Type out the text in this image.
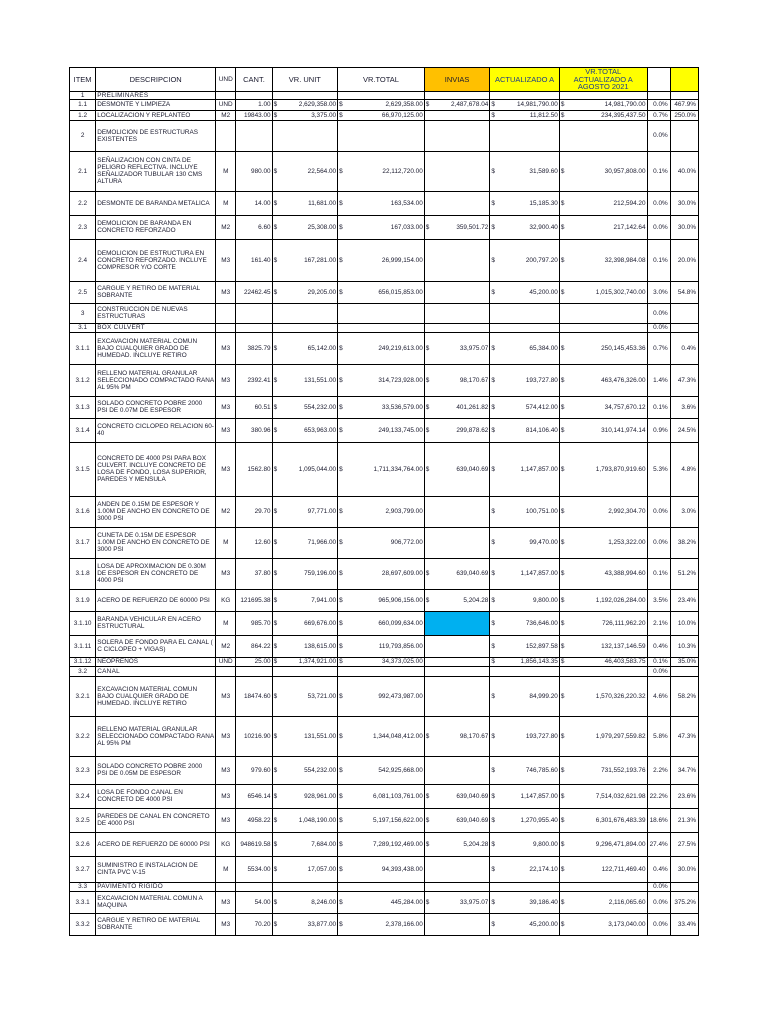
ITEM	DESCRIPCION	UND	CANT.	VR. UNIT	VR.TOTAL	INVIAS	ACTUALIZADO A	VR.TOTAL ACTUALIZADO A AGOSTO 2021		
1	PRELIMINARES									
1.1	DESMONTE Y LIMPIEZA	UND	1.00	$ 2,629,358.00	$ 2,629,358.00	$ 2,487,678.04	$ 14,981,790.00	$ 14,981,790.00	0.0%	467.9%
1.2	LOCALIZACION Y REPLANTEO	M2	19843.00	$ 3,375.00	$ 66,970,125.00		$ 11,812.50	$ 234,395,437.50	0.7%	250.0%
2	DEMOLICION DE ESTRUCTURAS EXISTENTES								0.0%	
2.1	SEÑALIZACION CON CINTA DE PELIGRO REFLECTIVA. INCLUYE SEÑALIZADOR TUBULAR 130 CMS ALTURA	M	980.00	$ 22,564.00	$ 22,112,720.00		$ 31,589.60	$ 30,957,808.00	0.1%	40.0%
2.2	DESMONTE DE BARANDA METALICA	M	14.00	$ 11,681.00	$ 163,534.00		$ 15,185.30	$ 212,594.20	0.0%	30.0%
2.3	DEMOLICION DE BARANDA EN CONCRETO REFORZADO	M2	6.60	$ 25,308.00	$ 167,033.00	$ 359,501.72	$ 32,900.40	$ 217,142.64	0.0%	30.0%
2.4	DEMOLICION DE ESTRUCTURA EN CONCRETO REFORZADO. INCLUYE COMPRESOR Y/O CORTE	M3	161.40	$ 167,281.00	$ 26,999,154.00		$ 200,797.20	$ 32,398,984.08	0.1%	20.0%
2.5	CARGUE Y RETIRO DE MATERIAL SOBRANTE	M3	22462.45	$ 29,205.00	$ 656,015,853.00		$ 45,200.00	$ 1,015,302,740.00	3.0%	54.8%
3	CONSTRUCCION DE NUEVAS ESTRUCTURAS								0.0%	
3.1	BOX CULVERT								0.0%	
3.1.1	EXCAVACION MATERIAL COMUN BAJO CUALQUIER GRADO DE HUMEDAD. INCLUYE RETIRO	M3	3825.79	$ 65,142.00	$ 249,219,613.00	$ 33,975.07	$ 65,384.00	$ 250,145,453.36	0.7%	0.4%
3.1.2	RELLENO MATERIAL GRANULAR SELECCIONADO COMPACTADO RANA AL 95% PM	M3	2392.41	$ 131,551.00	$ 314,723,928.00	$ 98,170.67	$ 193,727.80	$ 463,476,326.00	1.4%	47.3%
3.1.3	SOLADO CONCRETO POBRE 2000 PSI DE 0.07M DE ESPESOR	M3	60.51	$ 554,232.00	$ 33,536,579.00	$ 401,261.82	$ 574,412.00	$ 34,757,670.12	0.1%	3.6%
3.1.4	CONCRETO CICLOPEO RELACION 60-40	M3	380.96	$ 653,963.00	$ 249,133,745.00	$ 299,878.62	$ 814,106.40	$ 310,141,974.14	0.9%	24.5%
3.1.5	CONCRETO DE 4000 PSI PARA BOX CULVERT. INCLUYE CONCRETO DE LOSA DE FONDO, LOSA SUPERIOR, PAREDES Y MENSULA	M3	1562.80	$ 1,095,044.00	$ 1,711,334,764.00	$ 639,040.69	$ 1,147,857.00	$ 1,793,870,919.60	5.3%	4.8%
3.1.6	ANDEN DE 0.15M DE ESPESOR Y 1.00M DE ANCHO EN CONCRETO DE 3000 PSI	M2	29.70	$ 97,771.00	$ 2,903,799.00		$ 100,751.00	$ 2,992,304.70	0.0%	3.0%
3.1.7	CUNETA DE 0.15M DE ESPESOR 1.00M DE ANCHO EN CONCRETO DE 3000 PSI	M	12.60	$ 71,966.00	$ 906,772.00		$ 99,470.00	$ 1,253,322.00	0.0%	38.2%
3.1.8	LOSA DE APROXIMACION DE 0.30M DE ESPESOR EN CONCRETO DE 4000 PSI	M3	37.80	$ 759,196.00	$ 28,697,609.00	$ 639,040.69	$ 1,147,857.00	$ 43,388,994.60	0.1%	51.2%
3.1.9	ACERO DE REFUERZO DE 60000 PSI	KG	121695.38	$ 7,941.00	$ 965,906,156.00	$ 5,204.28	$ 9,800.00	$ 1,192,026,284.00	3.5%	23.4%
3.1.10	BARANDA VEHICULAR EN ACERO ESTRUCTURAL	M	985.70	$ 669,676.00	$ 660,099,634.00		$ 736,646.00	$ 726,111,962.20	2.1%	10.0%
3.1.11	SOLERA DE FONDO PARA EL CANAL ( C CICLOPEO + VIGAS)	M2	864.22	$ 138,615.00	$ 119,793,856.00		$ 152,897.58	$ 132,137,146.59	0.4%	10.3%
3.1.12	NEOPRENOS	UND	25.00	$ 1,374,921.00	$ 34,373,025.00		$ 1,856,143.35	$ 46,403,583.75	0.1%	35.0%
3.2	CANAL								0.0%	
3.2.1	EXCAVACION MATERIAL COMUN BAJO CUALQUIER GRADO DE HUMEDAD. INCLUYE RETIRO	M3	18474.60	$ 53,721.00	$ 992,473,987.00		$ 84,999.20	$ 1,570,326,220.32	4.6%	58.2%
3.2.2	RELLENO MATERIAL GRANULAR SELECCIONADO COMPACTADO RANA AL 95% PM	M3	10216.90	$ 131,551.00	$ 1,344,048,412.00	$ 98,170.67	$ 193,727.80	$ 1,979,297,559.82	5.8%	47.3%
3.2.3	SOLADO CONCRETO POBRE 2000 PSI DE 0.05M DE ESPESOR	M3	979.60	$ 554,232.00	$ 542,925,668.00		$ 746,785.60	$ 731,552,193.76	2.2%	34.7%
3.2.4	LOSA DE FONDO CANAL EN CONCRETO DE 4000 PSI	M3	6546.14	$ 928,961.00	$ 6,081,103,761.00	$ 639,040.69	$ 1,147,857.00	$ 7,514,032,621.98	22.2%	23.6%
3.2.5	PAREDES DE CANAL EN CONCRETO DE 4000 PSI	M3	4958.22	$ 1,048,190.00	$ 5,197,156,622.00	$ 639,040.69	$ 1,270,955.40	$ 6,301,676,483.39	18.6%	21.3%
3.2.6	ACERO DE REFUERZO DE 60000 PSI	KG	948619.58	$ 7,684.00	$ 7,289,192,469.00	$ 5,204.28	$ 9,800.00	$ 9,296,471,894.00	27.4%	27.5%
3.2.7	SUMINISTRO E INSTALACION DE CINTA PVC V-15	M	5534.00	$ 17,057.00	$ 94,393,438.00		$ 22,174.10	$ 122,711,469.40	0.4%	30.0%
3.3	PAVIMENTO RIGIDO								0.0%	
3.3.1	EXCAVACION MATERIAL COMUN A MAQUINA	M3	54.00	$ 8,246.00	$ 445,284.00	$ 33,975.07	$ 39,186.40	$ 2,116,065.60	0.0%	375.2%
3.3.2	CARGUE Y RETIRO DE MATERIAL SOBRANTE	M3	70.20	$ 33,877.00	$ 2,378,166.00		$ 45,200.00	$ 3,173,040.00	0.0%	33.4%
